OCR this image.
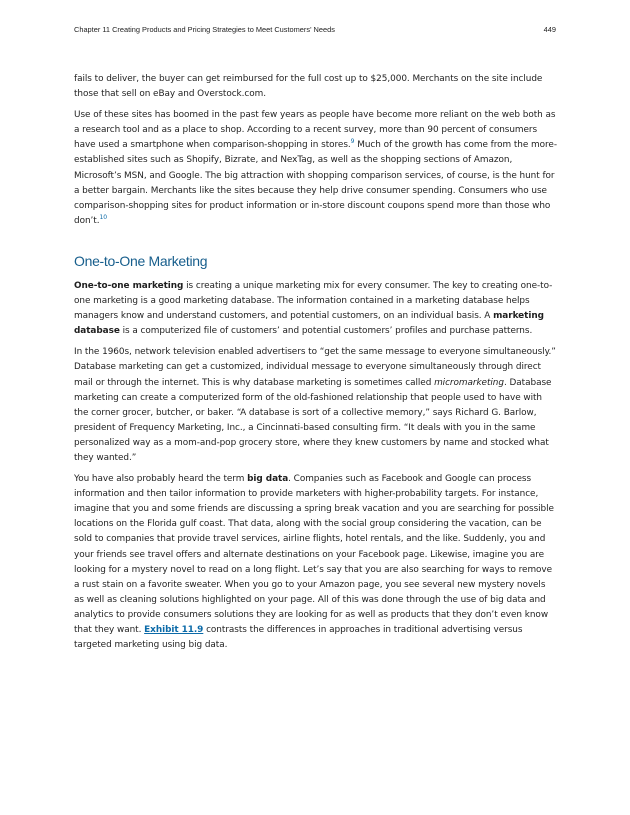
Chapter 11 Creating Products and Pricing Strategies to Meet Customers' Needs	449

fails to deliver, the buyer can get reimbursed for the full cost up to $25,000. Merchants on the site include those that sell on eBay and Overstock.com.

Use of these sites has boomed in the past few years as people have become more reliant on the web both as a research tool and as a place to shop. According to a recent survey, more than 90 percent of consumers have used a smartphone when comparison-shopping in stores.$^9$ Much of the growth has come from the more-established sites such as Shopify, Bizrate, and NexTag, as well as the shopping sections of Amazon, Microsoft’s MSN, and Google. The big attraction with shopping comparison services, of course, is the hunt for a better bargain. Merchants like the sites because they help drive consumer spending. Consumers who use comparison-shopping sites for product information or in-store discount coupons spend more than those who don’t.$^{10}$

One-to-One Marketing

One-to-one marketing is creating a unique marketing mix for every consumer. The key to creating one-to-one marketing is a good marketing database. The information contained in a marketing database helps managers know and understand customers, and potential customers, on an individual basis. A marketing database is a computerized file of customers’ and potential customers’ profiles and purchase patterns.

In the 1960s, network television enabled advertisers to “get the same message to everyone simultaneously.” Database marketing can get a customized, individual message to everyone simultaneously through direct mail or through the internet. This is why database marketing is sometimes called micromarketing. Database marketing can create a computerized form of the old-fashioned relationship that people used to have with the corner grocer, butcher, or baker. “A database is sort of a collective memory,” says Richard G. Barlow, president of Frequency Marketing, Inc., a Cincinnati-based consulting firm. “It deals with you in the same personalized way as a mom-and-pop grocery store, where they knew customers by name and stocked what they wanted.”

You have also probably heard the term big data. Companies such as Facebook and Google can process information and then tailor information to provide marketers with higher-probability targets. For instance, imagine that you and some friends are discussing a spring break vacation and you are searching for possible locations on the Florida gulf coast. That data, along with the social group considering the vacation, can be sold to companies that provide travel services, airline flights, hotel rentals, and the like. Suddenly, you and your friends see travel offers and alternate destinations on your Facebook page. Likewise, imagine you are looking for a mystery novel to read on a long flight. Let’s say that you are also searching for ways to remove a rust stain on a favorite sweater. When you go to your Amazon page, you see several new mystery novels as well as cleaning solutions highlighted on your page. All of this was done through the use of big data and analytics to provide consumers solutions they are looking for as well as products that they don’t even know that they want. Exhibit 11.9 contrasts the differences in approaches in traditional advertising versus targeted marketing using big data.
